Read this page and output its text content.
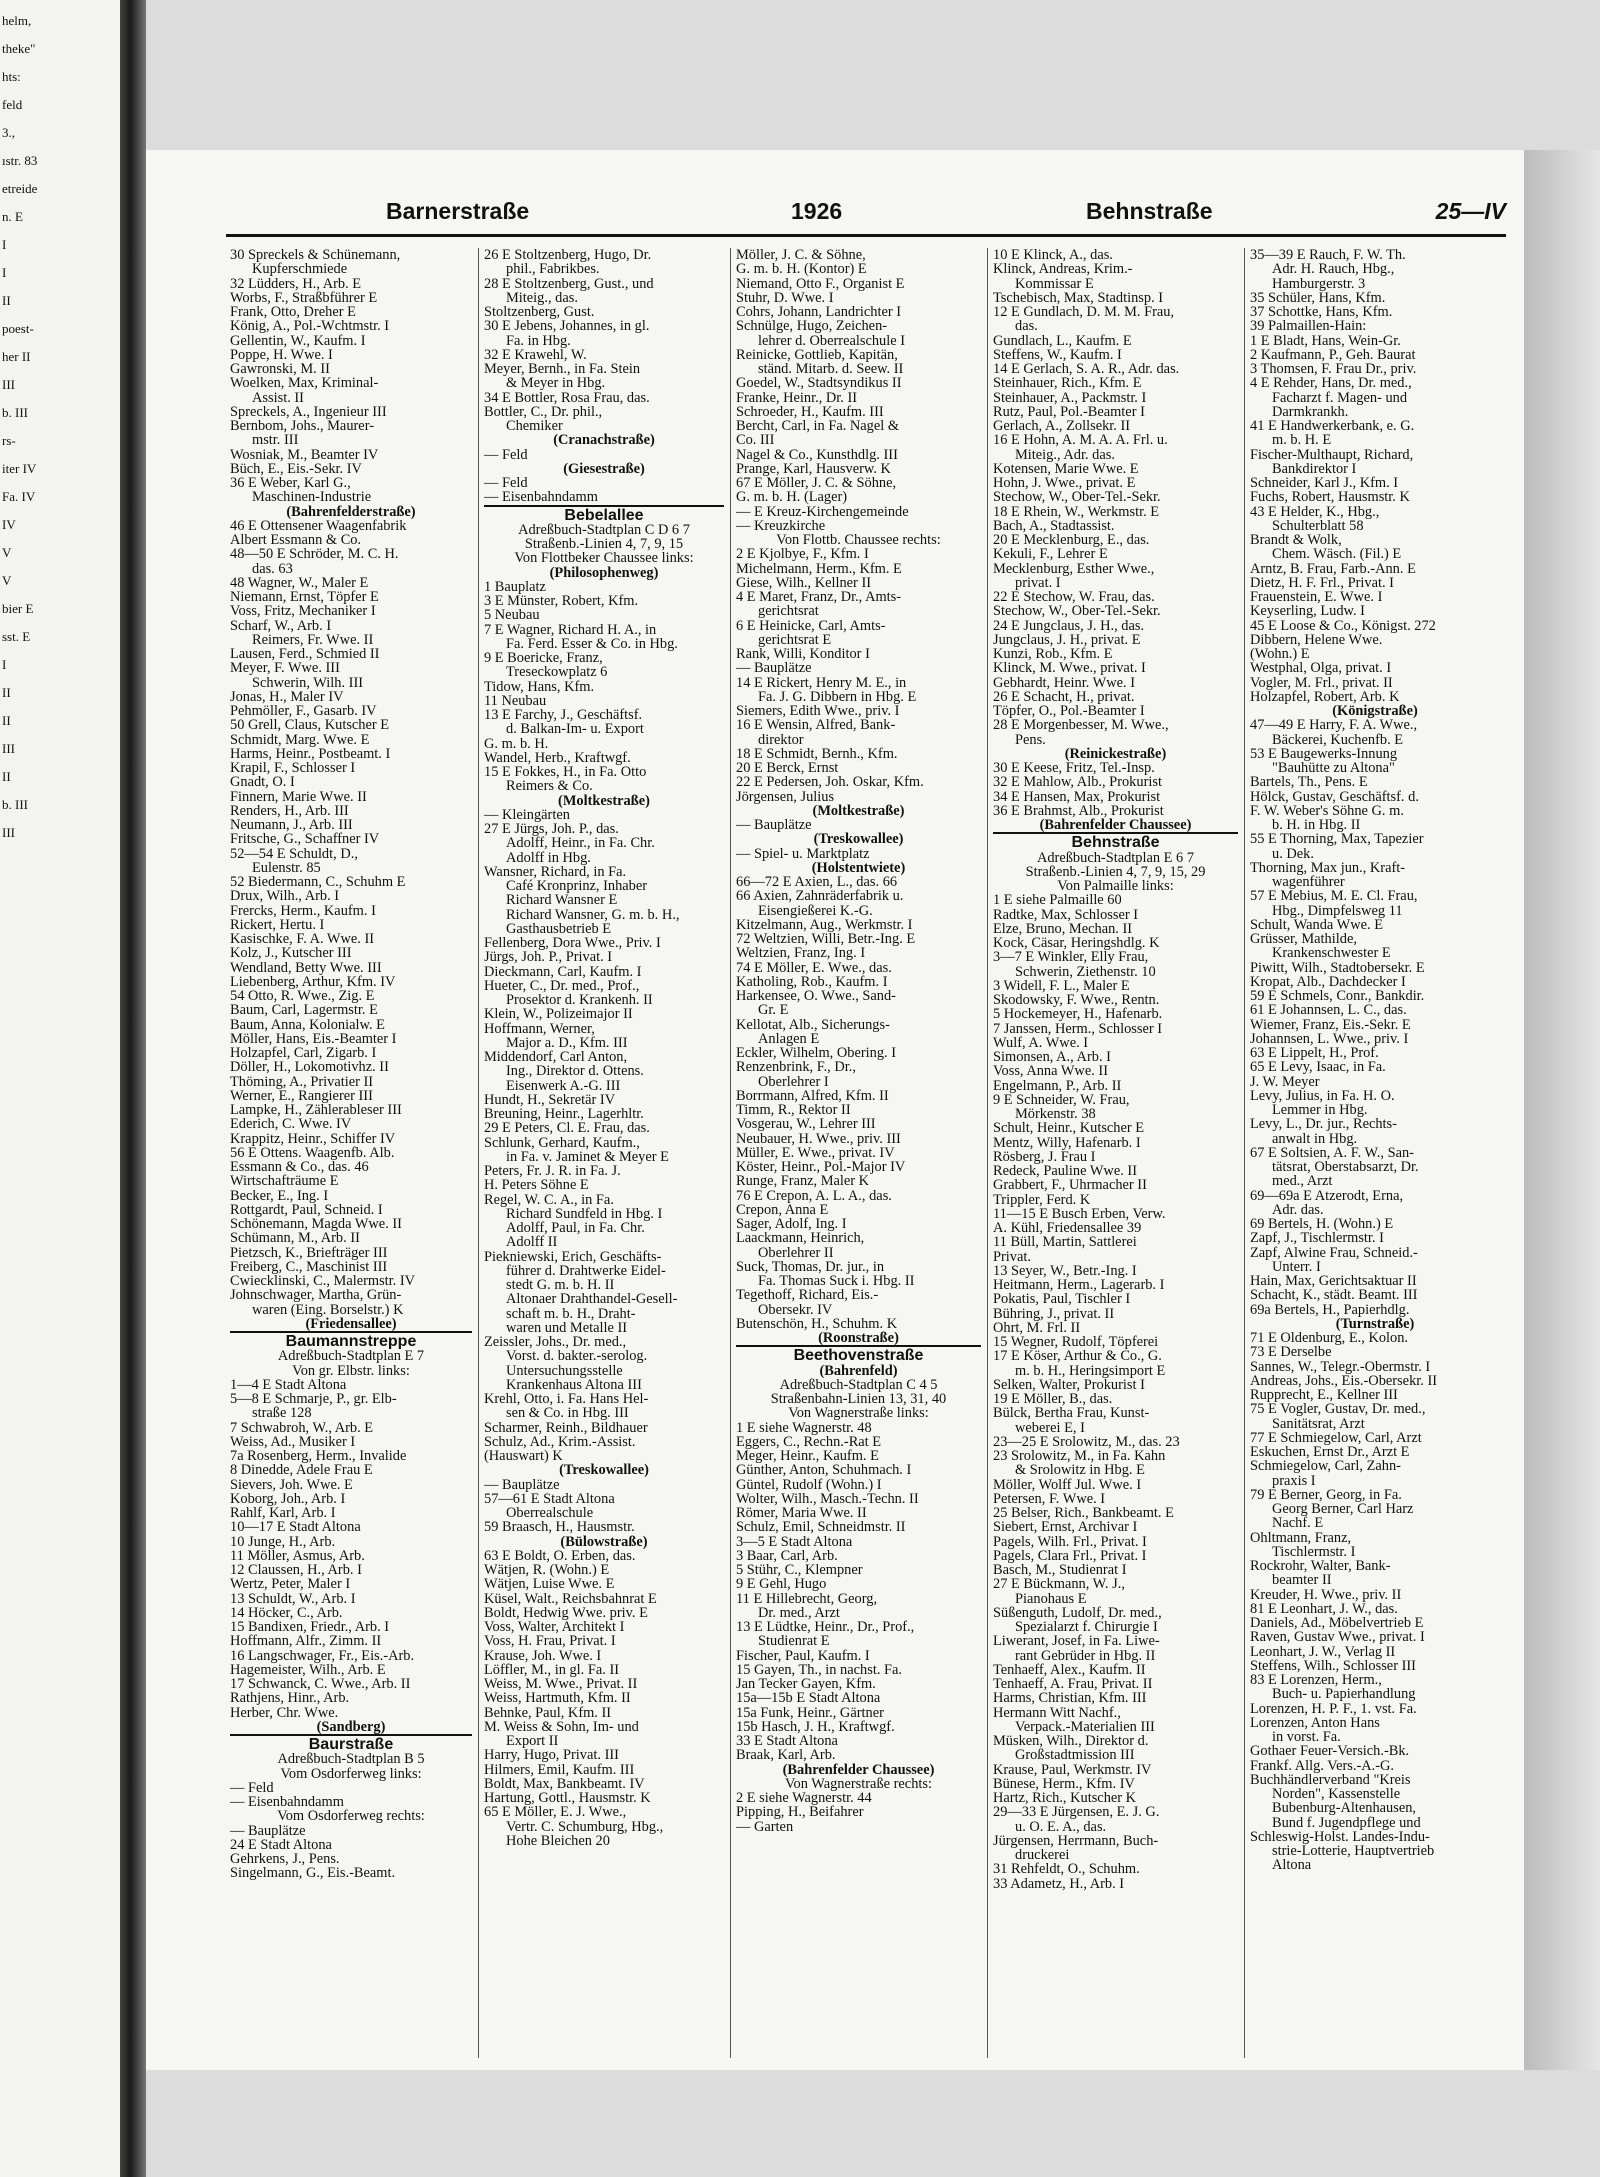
helm,
theke"
hts:
feld
3.,
ıstr. 83
etreide
n. E
I
I
II
poest-
her II
III
b. III
rs-
iter IV
Fa. IV
IV
V
V
bier E
sst. E
I
II
II
III
II
b. III
III
Barnerstraße	1926	Behnstraße	25—IV
30 Spreckels & Schünemann,
Kupferschmiede
32 Lüdders, H., Arb. E
Worbs, F., Straßbführer E
Frank, Otto, Dreher E
König, A., Pol.-Wchtmstr. I
Gellentin, W., Kaufm. I
Poppe, H. Wwe. I
Gawronski, M. II
Woelken, Max, Kriminal-
Assist. II
Spreckels, A., Ingenieur III
Bernbom, Johs., Maurer-
mstr. III
Wosniak, M., Beamter IV
Büch, E., Eis.-Sekr. IV
36 E Weber, Karl G.,
Maschinen-Industrie
(Bahrenfelderstraße)
46 E Ottensener Waagenfabrik
Albert Essmann & Co.
48—50 E Schröder, M. C. H.
das. 63
48 Wagner, W., Maler E
Niemann, Ernst, Töpfer E
Voss, Fritz, Mechaniker I
Scharf, W., Arb. I
Reimers, Fr. Wwe. II
Lausen, Ferd., Schmied II
Meyer, F. Wwe. III
Schwerin, Wilh. III
Jonas, H., Maler IV
Pehmöller, F., Gasarb. IV
50 Grell, Claus, Kutscher E
Schmidt, Marg. Wwe. E
Harms, Heinr., Postbeamt. I
Krapil, F., Schlosser I
Gnadt, O. I
Finnern, Marie Wwe. II
Renders, H., Arb. III
Neumann, J., Arb. III
Fritsche, G., Schaffner IV
52—54 E Schuldt, D.,
Eulenstr. 85
52 Biedermann, C., Schuhm E
Drux, Wilh., Arb. I
Frercks, Herm., Kaufm. I
Rickert, Hertu. I
Kasischke, F. A. Wwe. II
Kolz, J., Kutscher III
Wendland, Betty Wwe. III
Liebenberg, Arthur, Kfm. IV
54 Otto, R. Wwe., Zig. E
Baum, Carl, Lagermstr. E
Baum, Anna, Kolonialw. E
Möller, Hans, Eis.-Beamter I
Holzapfel, Carl, Zigarb. I
Döller, H., Lokomotivhz. II
Thöming, A., Privatier II
Werner, E., Rangierer III
Lampke, H., Zählerableser III
Ederich, C. Wwe. IV
Krappitz, Heinr., Schiffer IV
56 E Ottens. Waagenfb. Alb.
Essmann & Co., das. 46
Wirtschafträume E
Becker, E., Ing. I
Rottgardt, Paul, Schneid. I
Schönemann, Magda Wwe. II
Schümann, M., Arb. II
Pietzsch, K., Briefträger III
Freiberg, C., Maschinist III
Cwiecklinski, C., Malermstr. IV
Johnschwager, Martha, Grün-
waren (Eing. Borselstr.) K
(Friedensallee)
Baumannstreppe
Adreßbuch-Stadtplan E 7
Von gr. Elbstr. links:
1—4 E Stadt Altona
5—8 E Schmarje, P., gr. Elb-
straße 128
7 Schwabroh, W., Arb. E
Weiss, Ad., Musiker I
7a Rosenberg, Herm., Invalide
8 Dinedde, Adele Frau E
Sievers, Joh. Wwe. E
Koborg, Joh., Arb. I
Rahlf, Karl, Arb. I
10—17 E Stadt Altona
10 Junge, H., Arb.
11 Möller, Asmus, Arb.
12 Claussen, H., Arb. I
Wertz, Peter, Maler I
13 Schuldt, W., Arb. I
14 Höcker, C., Arb.
15 Bandixen, Friedr., Arb. I
Hoffmann, Alfr., Zimm. II
16 Langschwager, Fr., Eis.-Arb.
Hagemeister, Wilh., Arb. E
17 Schwanck, C. Wwe., Arb. II
Rathjens, Hinr., Arb.
Herber, Chr. Wwe.
(Sandberg)
Baurstraße
Adreßbuch-Stadtplan B 5
Vom Osdorferweg links:
— Feld
— Eisenbahndamm
Vom Osdorferweg rechts:
— Bauplätze
24 E Stadt Altona
Gehrkens, J., Pens.
Singelmann, G., Eis.-Beamt.
26 E Stoltzenberg, Hugo, Dr.
phil., Fabrikbes.
28 E Stoltzenberg, Gust., und
Miteig., das.
Stoltzenberg, Gust.
30 E Jebens, Johannes, in gl.
Fa. in Hbg.
32 E Krawehl, W.
Meyer, Bernh., in Fa. Stein
& Meyer in Hbg.
34 E Bottler, Rosa Frau, das.
Bottler, C., Dr. phil.,
Chemiker
(Cranachstraße)
— Feld
(Giesestraße)
— Feld
— Eisenbahndamm
Bebelallee
Adreßbuch-Stadtplan C D 6 7
Straßenb.-Linien 4, 7, 9, 15
Von Flottbeker Chaussee links:
(Philosophenweg)
1 Bauplatz
3 E Münster, Robert, Kfm.
5 Neubau
7 E Wagner, Richard H. A., in
Fa. Ferd. Esser & Co. in Hbg.
9 E Boericke, Franz,
Treseckowplatz 6
Tidow, Hans, Kfm.
11 Neubau
13 E Farchy, J., Geschäftsf.
d. Balkan-Im- u. Export
G. m. b. H.
Wandel, Herb., Kraftwgf.
15 E Fokkes, H., in Fa. Otto
Reimers & Co.
(Moltkestraße)
— Kleingärten
27 E Jürgs, Joh. P., das.
Adolff, Heinr., in Fa. Chr.
Adolff in Hbg.
Wansner, Richard, in Fa.
Café Kronprinz, Inhaber
Richard Wansner E
Richard Wansner, G. m. b. H.,
Gasthausbetrieb E
Fellenberg, Dora Wwe., Priv. I
Jürgs, Joh. P., Privat. I
Dieckmann, Carl, Kaufm. I
Hueter, C., Dr. med., Prof.,
Prosektor d. Krankenh. II
Klein, W., Polizeimajor II
Hoffmann, Werner,
Major a. D., Kfm. III
Middendorf, Carl Anton,
Ing., Direktor d. Ottens.
Eisenwerk A.-G. III
Hundt, H., Sekretär IV
Breuning, Heinr., Lagerhltr.
29 E Peters, Cl. E. Frau, das.
Schlunk, Gerhard, Kaufm.,
in Fa. v. Jaminet & Meyer E
Peters, Fr. J. R. in Fa. J.
H. Peters Söhne E
Regel, W. C. A., in Fa.
Richard Sundfeld in Hbg. I
Adolff, Paul, in Fa. Chr.
Adolff II
Piekniewski, Erich, Geschäfts-
führer d. Drahtwerke Eidel-
stedt G. m. b. H. II
Altonaer Drahthandel-Gesell-
schaft m. b. H., Draht-
waren und Metalle II
Zeissler, Johs., Dr. med.,
Vorst. d. bakter.-serolog.
Untersuchungsstelle
Krankenhaus Altona III
Krehl, Otto, i. Fa. Hans Hel-
sen & Co. in Hbg. III
Scharmer, Reinh., Bildhauer
Schulz, Ad., Krim.-Assist.
(Hauswart) K
(Treskowallee)
— Bauplätze
57—61 E Stadt Altona
Oberrealschule
59 Braasch, H., Hausmstr.
(Bülowstraße)
63 E Boldt, O. Erben, das.
Wätjen, R. (Wohn.) E
Wätjen, Luise Wwe. E
Küsel, Walt., Reichsbahnrat E
Boldt, Hedwig Wwe. priv. E
Voss, Walter, Architekt I
Voss, H. Frau, Privat. I
Krause, Joh. Wwe. I
Löffler, M., in gl. Fa. II
Weiss, M. Wwe., Privat. II
Weiss, Hartmuth, Kfm. II
Behnke, Paul, Kfm. II
M. Weiss & Sohn, Im- und
Export II
Harry, Hugo, Privat. III
Hilmers, Emil, Kaufm. III
Boldt, Max, Bankbeamt. IV
Hartung, Gottl., Hausmstr. K
65 E Möller, E. J. Wwe.,
Vertr. C. Schumburg, Hbg.,
Hohe Bleichen 20
Möller, J. C. & Söhne,
G. m. b. H. (Kontor) E
Niemand, Otto F., Organist E
Stuhr, D. Wwe. I
Cohrs, Johann, Landrichter I
Schnülge, Hugo, Zeichen-
lehrer d. Oberrealschule I
Reinicke, Gottlieb, Kapitän,
ständ. Mitarb. d. Seew. II
Goedel, W., Stadtsyndikus II
Franke, Heinr., Dr. II
Schroeder, H., Kaufm. III
Bercht, Carl, in Fa. Nagel &
Co. III
Nagel & Co., Kunsthdlg. III
Prange, Karl, Hausverw. K
67 E Möller, J. C. & Söhne,
G. m. b. H. (Lager)
— E Kreuz-Kirchengemeinde
— Kreuzkirche
Von Flottb. Chaussee rechts:
2 E Kjolbye, F., Kfm. I
Michelmann, Herm., Kfm. E
Giese, Wilh., Kellner II
4 E Maret, Franz, Dr., Amts-
gerichtsrat
6 E Heinicke, Carl, Amts-
gerichtsrat E
Rank, Willi, Konditor I
— Bauplätze
14 E Rickert, Henry M. E., in
Fa. J. G. Dibbern in Hbg. E
Siemers, Edith Wwe., priv. I
16 E Wensin, Alfred, Bank-
direktor
18 E Schmidt, Bernh., Kfm.
20 E Berck, Ernst
22 E Pedersen, Joh. Oskar, Kfm.
Jörgensen, Julius
(Moltkestraße)
— Bauplätze
(Treskowallee)
— Spiel- u. Marktplatz
(Holstentwiete)
66—72 E Axien, L., das. 66
66 Axien, Zahnräderfabrik u.
Eisengießerei K.-G.
Kitzelmann, Aug., Werkmstr. I
72 Weltzien, Willi, Betr.-Ing. E
Weltzien, Franz, Ing. I
74 E Möller, E. Wwe., das.
Katholing, Rob., Kaufm. I
Harkensee, O. Wwe., Sand-
Gr. E
Kellotat, Alb., Sicherungs-
Anlagen E
Eckler, Wilhelm, Obering. I
Renzenbrink, F., Dr.,
Oberlehrer I
Borrmann, Alfred, Kfm. II
Timm, R., Rektor II
Vosgerau, W., Lehrer III
Neubauer, H. Wwe., priv. III
Müller, E. Wwe., privat. IV
Köster, Heinr., Pol.-Major IV
Runge, Franz, Maler K
76 E Crepon, A. L. A., das.
Crepon, Anna E
Sager, Adolf, Ing. I
Laackmann, Heinrich,
Oberlehrer II
Suck, Thomas, Dr. jur., in
Fa. Thomas Suck i. Hbg. II
Tegethoff, Richard, Eis.-
Obersekr. IV
Butenschön, H., Schuhm. K
(Roonstraße)
Beethovenstraße
(Bahrenfeld)
Adreßbuch-Stadtplan C 4 5
Straßenbahn-Linien 13, 31, 40
Von Wagnerstraße links:
1 E siehe Wagnerstr. 48
Eggers, C., Rechn.-Rat E
Meger, Heinr., Kaufm. E
Günther, Anton, Schuhmach. I
Güntel, Rudolf (Wohn.) I
Wolter, Wilh., Masch.-Techn. II
Römer, Maria Wwe. II
Schulz, Emil, Schneidmstr. II
3—5 E Stadt Altona
3 Baar, Carl, Arb.
5 Stühr, C., Klempner
9 E Gehl, Hugo
11 E Hillebrecht, Georg,
Dr. med., Arzt
13 E Lüdtke, Heinr., Dr., Prof.,
Studienrat E
Fischer, Paul, Kaufm. I
15 Gayen, Th., in nachst. Fa.
Jan Tecker Gayen, Kfm.
15a—15b E Stadt Altona
15a Funk, Heinr., Gärtner
15b Hasch, J. H., Kraftwgf.
33 E Stadt Altona
Braak, Karl, Arb.
(Bahrenfelder Chaussee)
Von Wagnerstraße rechts:
2 E siehe Wagnerstr. 44
Pipping, H., Beifahrer
— Garten
10 E Klinck, A., das.
Klinck, Andreas, Krim.-
Kommissar E
Tschebisch, Max, Stadtinsp. I
12 E Gundlach, D. M. M. Frau,
das.
Gundlach, L., Kaufm. E
Steffens, W., Kaufm. I
14 E Gerlach, S. A. R., Adr. das.
Steinhauer, Rich., Kfm. E
Steinhauer, A., Packmstr. I
Rutz, Paul, Pol.-Beamter I
Gerlach, A., Zollsekr. II
16 E Hohn, A. M. A. A. Frl. u.
Miteig., Adr. das.
Kotensen, Marie Wwe. E
Hohn, J. Wwe., privat. E
Stechow, W., Ober-Tel.-Sekr.
18 E Rhein, W., Werkmstr. E
Bach, A., Stadtassist.
20 E Mecklenburg, E., das.
Kekuli, F., Lehrer E
Mecklenburg, Esther Wwe.,
privat. I
22 E Stechow, W. Frau, das.
Stechow, W., Ober-Tel.-Sekr.
24 E Jungclaus, J. H., das.
Jungclaus, J. H., privat. E
Kunzi, Rob., Kfm. E
Klinck, M. Wwe., privat. I
Gebhardt, Heinr. Wwe. I
26 E Schacht, H., privat.
Töpfer, O., Pol.-Beamter I
28 E Morgenbesser, M. Wwe.,
Pens.
(Reinickestraße)
30 E Keese, Fritz, Tel.-Insp.
32 E Mahlow, Alb., Prokurist
34 E Hansen, Max, Prokurist
36 E Brahmst, Alb., Prokurist
(Bahrenfelder Chaussee)
Behnstraße
Adreßbuch-Stadtplan E 6 7
Straßenb.-Linien 4, 7, 9, 15, 29
Von Palmaille links:
1 E siehe Palmaille 60
Radtke, Max, Schlosser I
Elze, Bruno, Mechan. II
Kock, Cäsar, Heringshdlg. K
3—7 E Winkler, Elly Frau,
Schwerin, Ziethenstr. 10
3 Widell, F. L., Maler E
Skodowsky, F. Wwe., Rentn.
5 Hockemeyer, H., Hafenarb.
7 Janssen, Herm., Schlosser I
Wulf, A. Wwe. I
Simonsen, A., Arb. I
Voss, Anna Wwe. II
Engelmann, P., Arb. II
9 E Schneider, W. Frau,
Mörkenstr. 38
Schult, Heinr., Kutscher E
Mentz, Willy, Hafenarb. I
Rösberg, J. Frau I
Redeck, Pauline Wwe. II
Grabbert, F., Uhrmacher II
Trippler, Ferd. K
11—15 E Busch Erben, Verw.
A. Kühl, Friedensallee 39
11 Büll, Martin, Sattlerei
Privat.
13 Seyer, W., Betr.-Ing. I
Heitmann, Herm., Lagerarb. I
Pokatis, Paul, Tischler I
Bühring, J., privat. II
Ohrt, M. Frl. II
15 Wegner, Rudolf, Töpferei
17 E Köser, Arthur & Co., G.
m. b. H., Heringsimport E
Selken, Walter, Prokurist I
19 E Möller, B., das.
Bülck, Bertha Frau, Kunst-
weberei E, I
23—25 E Srolowitz, M., das. 23
23 Srolowitz, M., in Fa. Kahn
& Srolowitz in Hbg. E
Möller, Wolff Jul. Wwe. I
Petersen, F. Wwe. I
25 Belser, Rich., Bankbeamt. E
Siebert, Ernst, Archivar I
Pagels, Wilh. Frl., Privat. I
Pagels, Clara Frl., Privat. I
Basch, M., Studienrat I
27 E Bückmann, W. J.,
Pianohaus E
Süßenguth, Ludolf, Dr. med.,
Spezialarzt f. Chirurgie I
Liwerant, Josef, in Fa. Liwe-
rant Gebrüder in Hbg. II
Tenhaeff, Alex., Kaufm. II
Tenhaeff, A. Frau, Privat. II
Harms, Christian, Kfm. III
Hermann Witt Nachf.,
Verpack.-Materialien III
Müsken, Wilh., Direktor d.
Großstadtmission III
Krause, Paul, Werkmstr. IV
Bünese, Herm., Kfm. IV
Hartz, Rich., Kutscher K
29—33 E Jürgensen, E. J. G.
u. O. E. A., das.
Jürgensen, Herrmann, Buch-
druckerei
31 Rehfeldt, O., Schuhm.
33 Adametz, H., Arb. I
35—39 E Rauch, F. W. Th.
Adr. H. Rauch, Hbg.,
Hamburgerstr. 3
35 Schüler, Hans, Kfm.
37 Schottke, Hans, Kfm.
39 Palmaillen-Hain:
1 E Bladt, Hans, Wein-Gr.
2 Kaufmann, P., Geh. Baurat
3 Thomsen, F. Frau Dr., priv.
4 E Rehder, Hans, Dr. med.,
Facharzt f. Magen- und
Darmkrankh.
41 E Handwerkerbank, e. G.
m. b. H. E
Fischer-Multhaupt, Richard,
Bankdirektor I
Schneider, Karl J., Kfm. I
Fuchs, Robert, Hausmstr. K
43 E Helder, K., Hbg.,
Schulterblatt 58
Brandt & Wolk,
Chem. Wäsch. (Fil.) E
Arntz, B. Frau, Farb.-Ann. E
Dietz, H. F. Frl., Privat. I
Frauenstein, E. Wwe. I
Keyserling, Ludw. I
45 E Loose & Co., Königst. 272
Dibbern, Helene Wwe.
(Wohn.) E
Westphal, Olga, privat. I
Vogler, M. Frl., privat. II
Holzapfel, Robert, Arb. K
(Königstraße)
47—49 E Harry, F. A. Wwe.,
Bäckerei, Kuchenfb. E
53 E Baugewerks-Innung
"Bauhütte zu Altona"
Bartels, Th., Pens. E
Hölck, Gustav, Geschäftsf. d.
F. W. Weber's Söhne G. m.
b. H. in Hbg. II
55 E Thorning, Max, Tapezier
u. Dek.
Thorning, Max jun., Kraft-
wagenführer
57 E Mebius, M. E. Cl. Frau,
Hbg., Dimpfelsweg 11
Schult, Wanda Wwe. E
Grüsser, Mathilde,
Krankenschwester E
Piwitt, Wilh., Stadtobersekr. E
Kropat, Alb., Dachdecker I
59 E Schmels, Conr., Bankdir.
61 E Johannsen, L. C., das.
Wiemer, Franz, Eis.-Sekr. E
Johannsen, L. Wwe., priv. I
63 E Lippelt, H., Prof.
65 E Levy, Isaac, in Fa.
J. W. Meyer
Levy, Julius, in Fa. H. O.
Lemmer in Hbg.
Levy, L., Dr. jur., Rechts-
anwalt in Hbg.
67 E Soltsien, A. F. W., San-
tätsrat, Oberstabsarzt, Dr.
med., Arzt
69—69a E Atzerodt, Erna,
Adr. das.
69 Bertels, H. (Wohn.) E
Zapf, J., Tischlermstr. I
Zapf, Alwine Frau, Schneid.-
Unterr. I
Hain, Max, Gerichtsaktuar II
Schacht, K., städt. Beamt. III
69a Bertels, H., Papierhdlg.
(Turnstraße)
71 E Oldenburg, E., Kolon.
73 E Derselbe
Sannes, W., Telegr.-Obermstr. I
Andreas, Johs., Eis.-Obersekr. II
Rupprecht, E., Kellner III
75 E Vogler, Gustav, Dr. med.,
Sanitätsrat, Arzt
77 E Schmiegelow, Carl, Arzt
Eskuchen, Ernst Dr., Arzt E
Schmiegelow, Carl, Zahn-
praxis I
79 E Berner, Georg, in Fa.
Georg Berner, Carl Harz
Nachf. E
Ohltmann, Franz,
Tischlermstr. I
Rockrohr, Walter, Bank-
beamter II
Kreuder, H. Wwe., priv. II
81 E Leonhart, J. W., das.
Daniels, Ad., Möbelvertrieb E
Raven, Gustav Wwe., privat. I
Leonhart, J. W., Verlag II
Steffens, Wilh., Schlosser III
83 E Lorenzen, Herm.,
Buch- u. Papierhandlung
Lorenzen, H. P. F., 1. vst. Fa.
Lorenzen, Anton Hans
in vorst. Fa.
Gothaer Feuer-Versich.-Bk.
Frankf. Allg. Vers.-A.-G.
Buchhändlerverband "Kreis
Norden", Kassenstelle
Bubenburg-Altenhausen,
Bund f. Jugendpflege und
Schleswig-Holst. Landes-Indu-
strie-Lotterie, Hauptvertrieb
Altona
